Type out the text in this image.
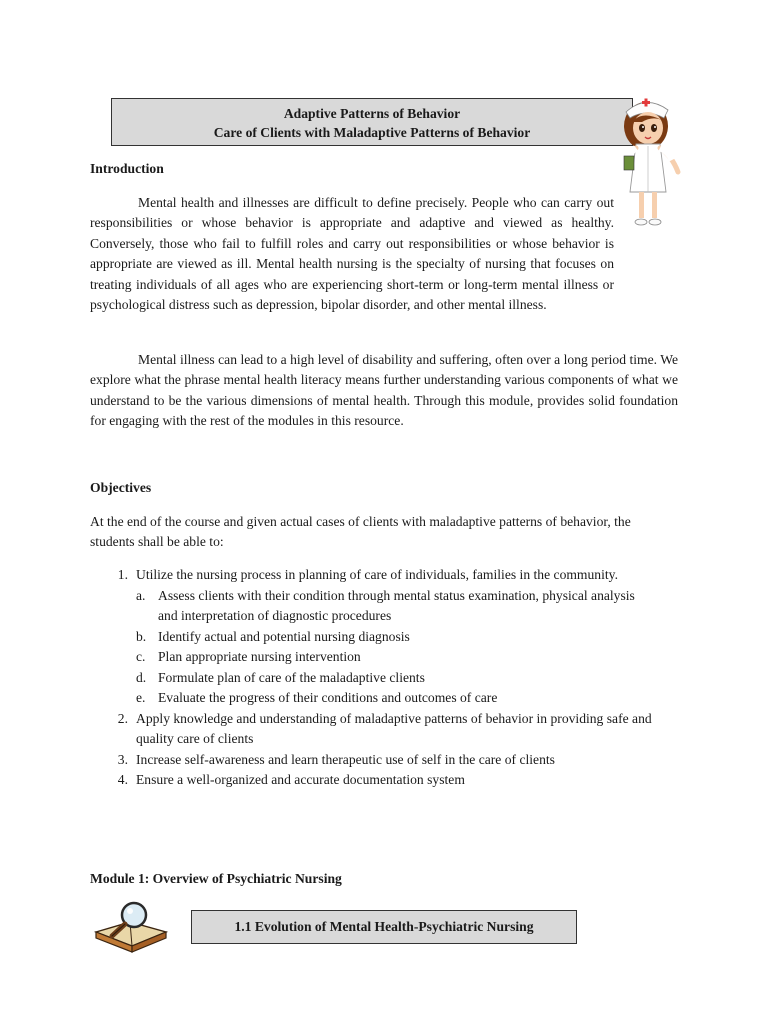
Adaptive Patterns of Behavior
Care of Clients with Maladaptive Patterns of Behavior
Introduction

Mental health and illnesses are difficult to define precisely. People who can carry out responsibilities or whose behavior is appropriate and adaptive and viewed as healthy. Conversely, those who fail to fulfill roles and carry out responsibilities or whose behavior is appropriate are viewed as ill. Mental health nursing is the specialty of nursing that focuses on treating individuals of all ages who are experiencing short-term or long-term mental illness or psychological distress such as depression, bipolar disorder, and other mental illness.

Mental illness can lead to a high level of disability and suffering, often over a long period time. We explore what the phrase mental health literacy means further understanding various components of what we understand to be the various dimensions of mental health. Through this module, provides solid foundation for engaging with the rest of the modules in this resource.

Objectives

At the end of the course and given actual cases of clients with maladaptive patterns of behavior, the students shall be able to:

1. Utilize the nursing process in planning of care of individuals, families in the community.
a. Assess clients with their condition through mental status examination, physical analysis and interpretation of diagnostic procedures
b. Identify actual and potential nursing diagnosis
c. Plan appropriate nursing intervention
d. Formulate plan of care of the maladaptive clients
e. Evaluate the progress of their conditions and outcomes of care
2. Apply knowledge and understanding of maladaptive patterns of behavior in providing safe and quality care of clients
3. Increase self-awareness and learn therapeutic use of self in the care of clients
4. Ensure a well-organized and accurate documentation system
Module 1: Overview of Psychiatric Nursing
1.1 Evolution of Mental Health-Psychiatric Nursing
